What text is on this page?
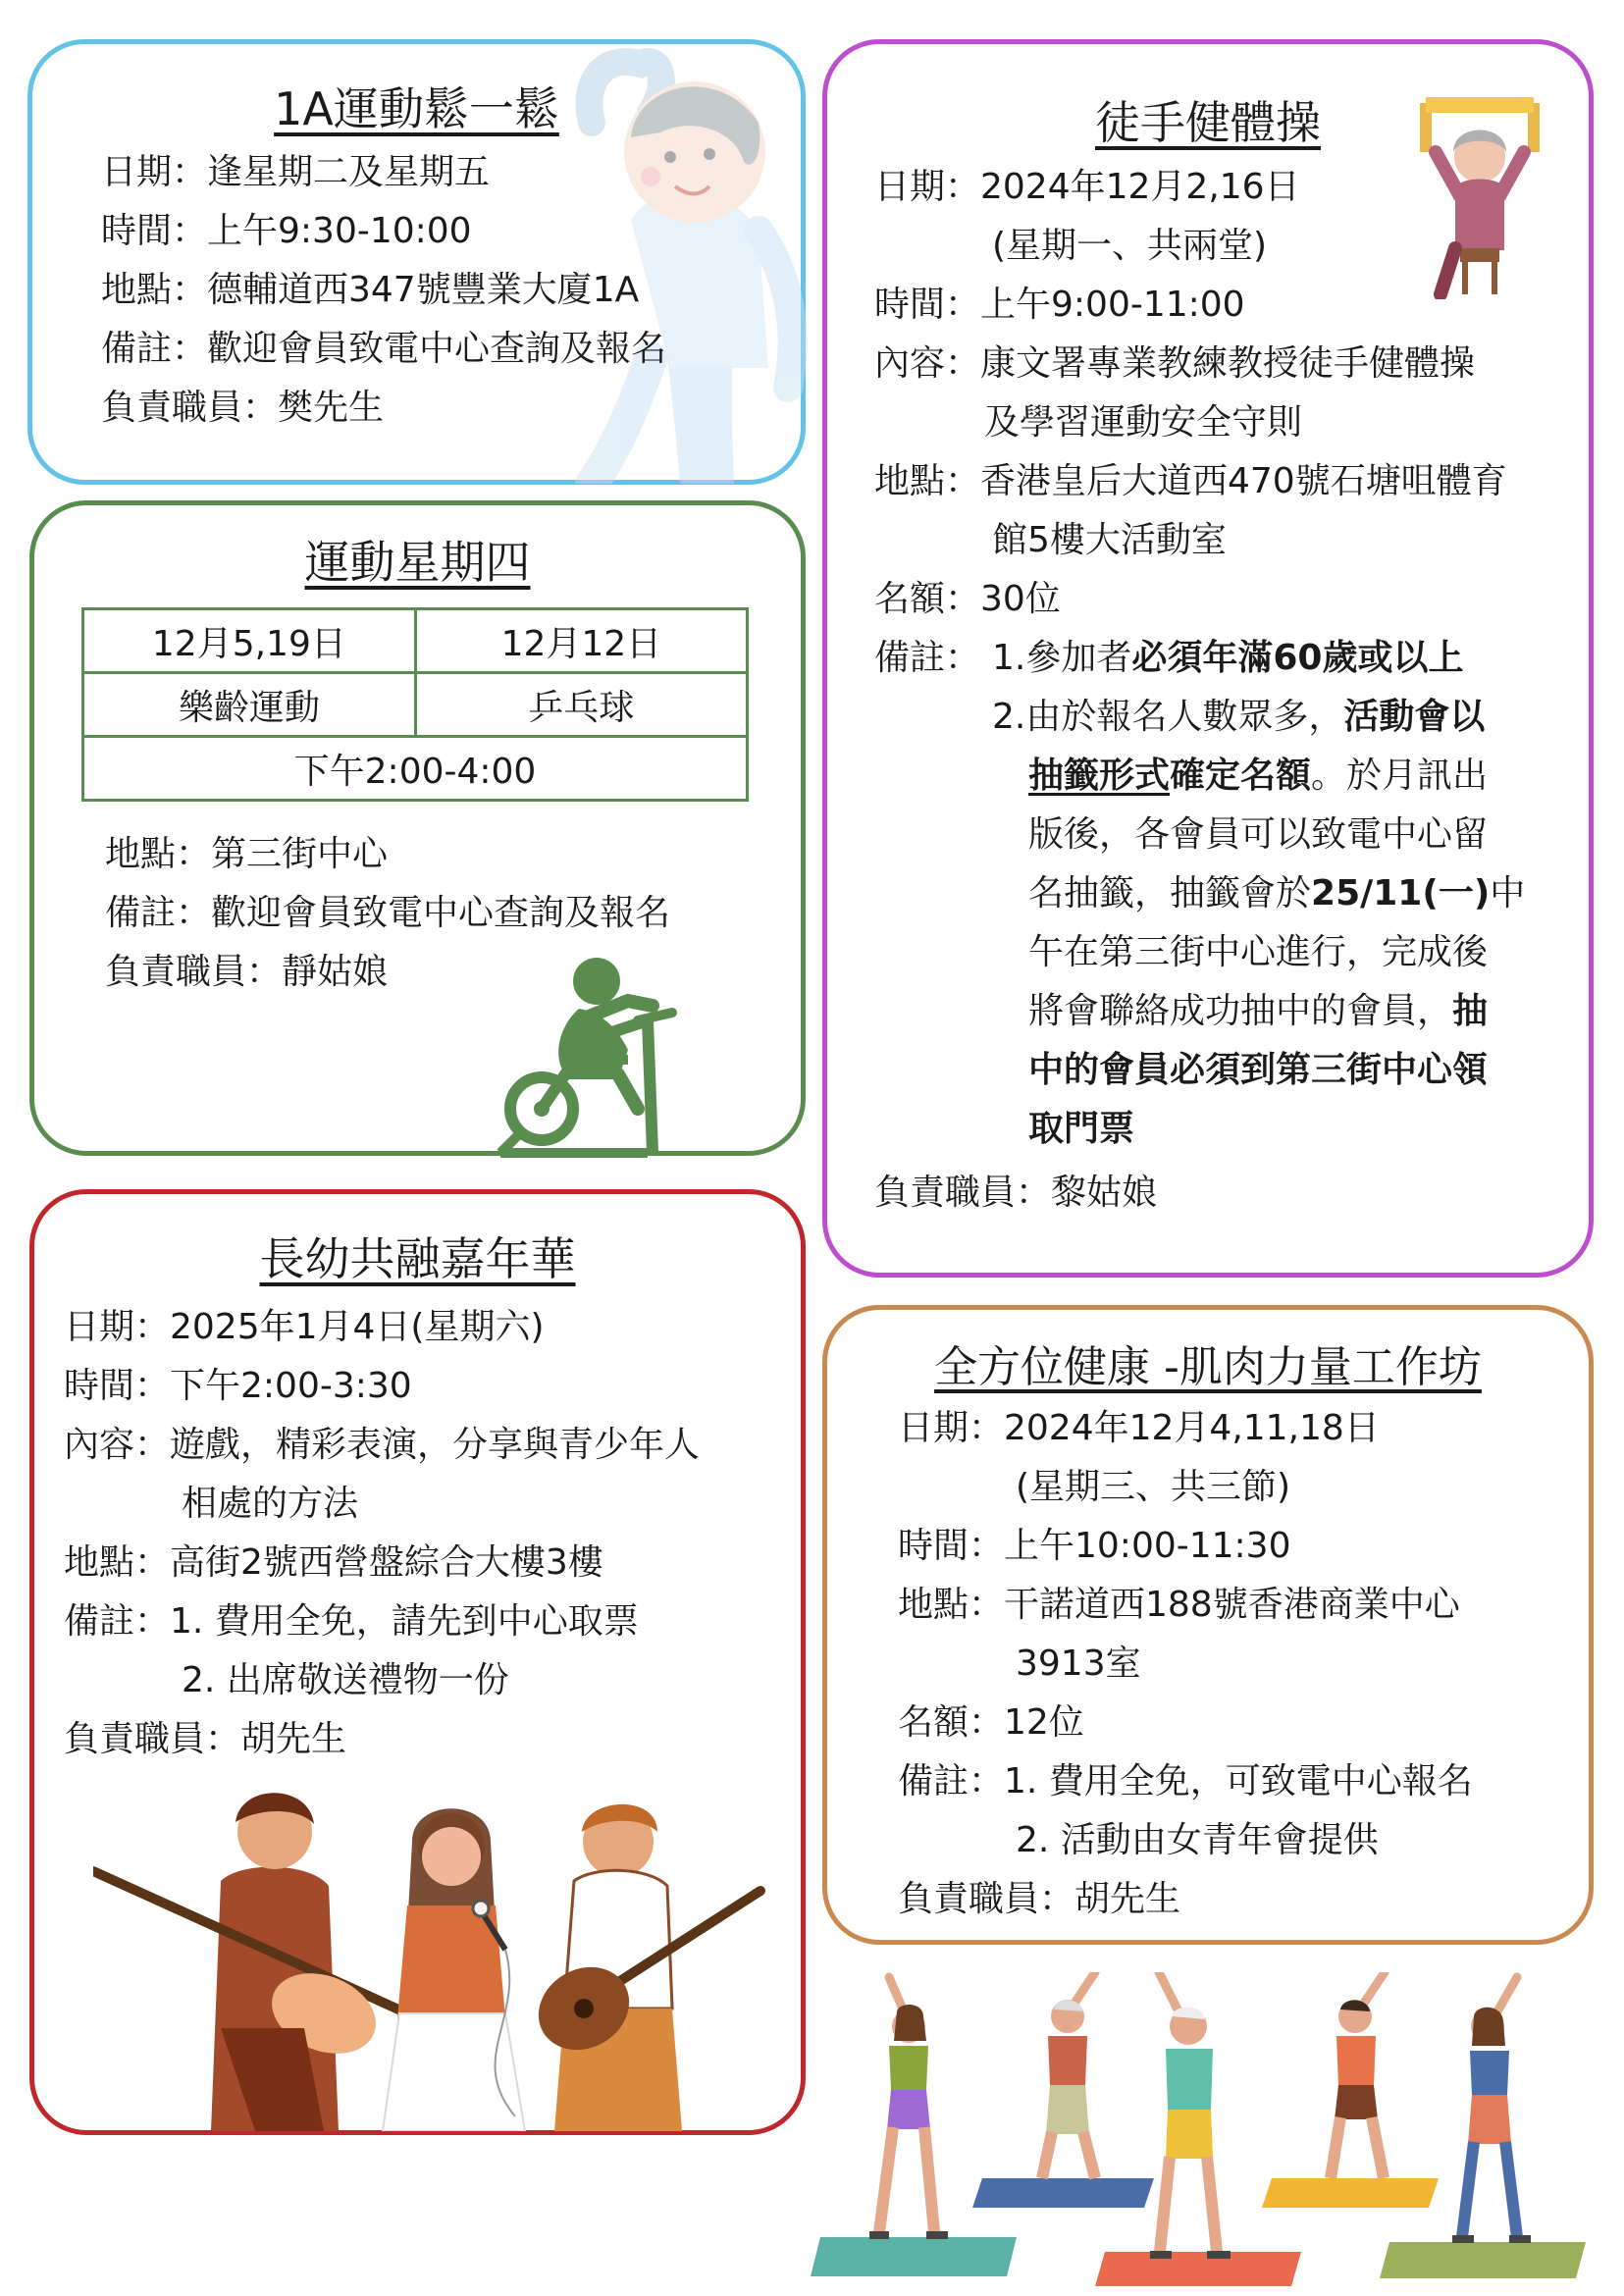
1A運動鬆一鬆
日期：逢星期二及星期五
時間：上午9:30-10:00
地點：德輔道西347號豐業大廈1A
備註：歡迎會員致電中心查詢及報名
負責職員：樊先生
運動星期四
12月5,19日	12月12日
樂齡運動	乒乓球
下午2:00-4:00	
地點：第三街中心
備註：歡迎會員致電中心查詢及報名
負責職員：靜姑娘
長幼共融嘉年華
日期：2025年1月4日(星期六)
時間：下午2:00-3:30
內容：遊戲，精彩表演，分享與青少年人
相處的方法
地點：高街2號西營盤綜合大樓3樓
備註：1. 費用全免，請先到中心取票
2. 出席敬送禮物一份
負責職員：胡先生
徒手健體操
日期：2024年12月2,16日
(星期一、共兩堂)
時間：上午9:00-11:00
內容：康文署專業教練教授徒手健體操
及學習運動安全守則
地點：香港皇后大道西470號石塘咀體育
館5樓大活動室
名額：30位
備註： 1.參加者必須年滿60歲或以上
2.由於報名人數眾多，活動會以
抽籤形式確定名額。於月訊出
版後，各會員可以致電中心留
名抽籤，抽籤會於25/11(一)中
午在第三街中心進行，完成後
將會聯絡成功抽中的會員，抽
中的會員必須到第三街中心領
取門票
負責職員：黎姑娘
全方位健康 -肌肉力量工作坊
日期：2024年12月4,11,18日
(星期三、共三節)
時間：上午10:00-11:30
地點：干諾道西188號香港商業中心
3913室
名額：12位
備註：1. 費用全免，可致電中心報名
2. 活動由女青年會提供
負責職員：胡先生
